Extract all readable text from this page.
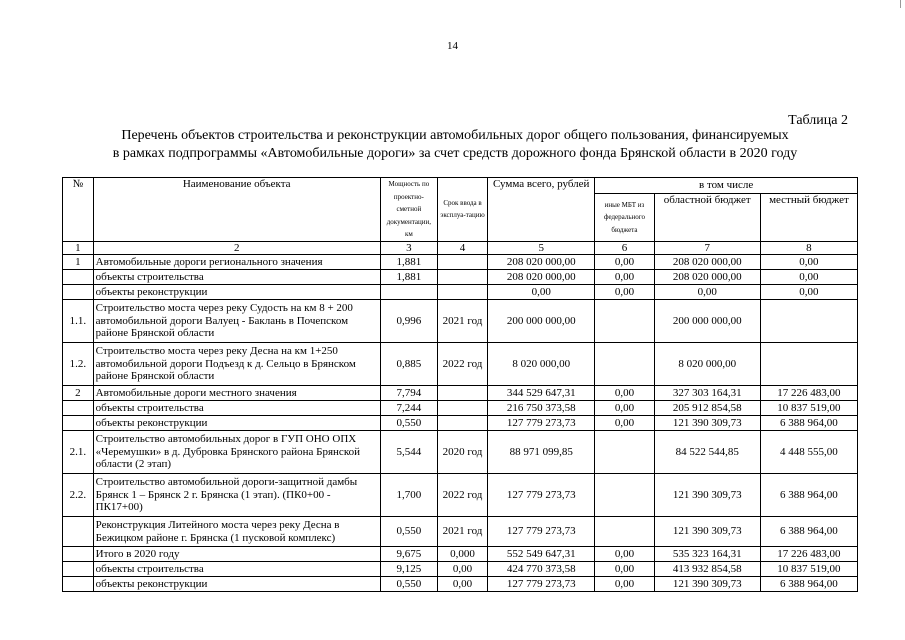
14
Таблица 2
Перечень объектов строительства и реконструкции автомобильных дорог общего пользования, финансируемых
в рамках подпрограммы «Автомобильные дороги» за счет средств дорожного фонда Брянской области в 2020 году
№	Наименование объекта	Мощность по проектно-сметной документации, км	Срок ввода в эксплуа-тацию	Сумма всего, рублей	в том числе		
					иные МБТ из федерального бюджета	областной бюджет	местный бюджет
1	2	3	4	5	6	7	8
1	Автомобильные дороги регионального значения	1,881		208 020 000,00	0,00	208 020 000,00	0,00
	объекты строительства	1,881		208 020 000,00	0,00	208 020 000,00	0,00
	объекты реконструкции			0,00	0,00	0,00	0,00
1.1.	Строительство моста через реку Судость на км 8 + 200 автомобильной дороги Валуец - Баклань в Почепском районе Брянской области	0,996	2021 год	200 000 000,00		200 000 000,00	
1.2.	Строительство моста через реку Десна на км 1+250 автомобильной дороги Подъезд к д. Сельцо в Брянском районе Брянской области	0,885	2022 год	8 020 000,00		8 020 000,00	
2	Автомобильные дороги местного значения	7,794		344 529 647,31	0,00	327 303 164,31	17 226 483,00
	объекты строительства	7,244		216 750 373,58	0,00	205 912 854,58	10 837 519,00
	объекты реконструкции	0,550		127 779 273,73	0,00	121 390 309,73	6 388 964,00
2.1.	Строительство автомобильных дорог в ГУП ОНО ОПХ «Черемушки» в д. Дубровка Брянского района Брянской области (2 этап)	5,544	2020 год	88 971 099,85		84 522 544,85	4 448 555,00
2.2.	Строительство автомобильной дороги-защитной дамбы Брянск 1 – Брянск 2 г. Брянска (1 этап). (ПК0+00 - ПК17+00)	1,700	2022 год	127 779 273,73		121 390 309,73	6 388 964,00
	Реконструкция Литейного моста через реку Десна в Бежицком районе г. Брянска (1 пусковой комплекс)	0,550	2021 год	127 779 273,73		121 390 309,73	6 388 964,00
	Итого в 2020 году	9,675	0,000	552 549 647,31	0,00	535 323 164,31	17 226 483,00
	объекты строительства	9,125	0,00	424 770 373,58	0,00	413 932 854,58	10 837 519,00
	объекты реконструкции	0,550	0,00	127 779 273,73	0,00	121 390 309,73	6 388 964,00
